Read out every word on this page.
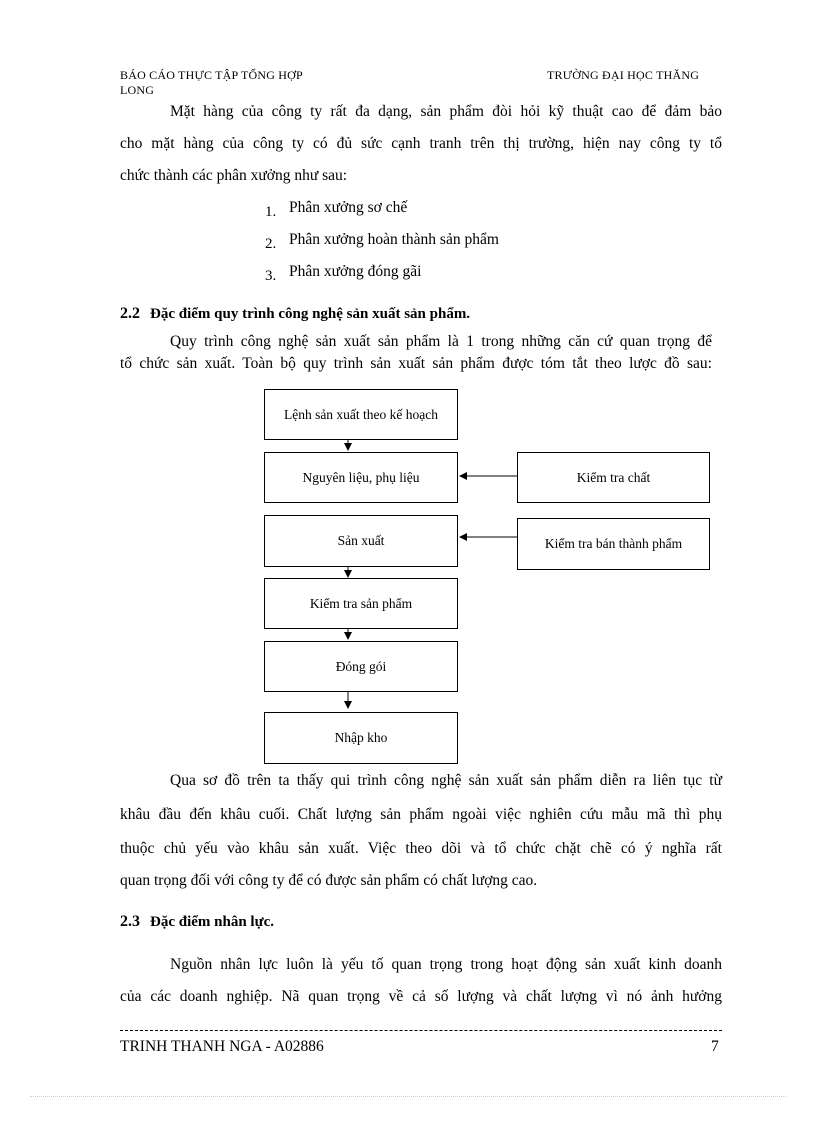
BÁO CÁO THỰC TẬP TỔNG HỢP
LONG
TRƯỜNG ĐẠI HỌC THĂNG
Mặt hàng của công ty rất đa dạng, sản phẩm đòi hỏi kỹ thuật cao để đảm bảo
cho mặt hàng của công ty có đủ sức cạnh tranh trên thị trường, hiện nay công ty tổ
chức thành các phân xưởng như sau:
1. Phân xưởng sơ chế
2. Phân xưởng hoàn thành sản phẩm
3. Phân xưởng đóng gãi
2.2 Đặc điểm quy trình công nghệ sản xuất sản phẩm.
Quy trình công nghệ sản xuất sản phẩm là 1 trong những căn cứ quan trọng để
tổ chức sản xuất. Toàn bộ quy trình sản xuất sản phẩm được tóm tắt theo lược đồ sau:
Lệnh sản xuất theo kế hoạch
Nguyên liệu, phụ liệu
Sản xuất
Kiểm tra sản phẩm
Đóng gói
Nhập kho
Kiểm tra chất
Kiểm tra bán thành phẩm
Qua sơ đồ trên ta thấy qui trình công nghệ sản xuất sản phẩm diễn ra liên tục từ
khâu đầu đến khâu cuối. Chất lượng sản phẩm ngoài việc nghiên cứu mẫu mã thì phụ
thuộc chủ yếu vào khâu sản xuất. Việc theo dõi và tổ chức chặt chẽ có ý nghĩa rất
quan trọng đối với công ty để có được sản phẩm có chất lượng cao.
2.3 Đặc điểm nhân lực.
Nguồn nhân lực luôn là yếu tố quan trọng trong hoạt động sản xuất kinh doanh
của các doanh nghiệp. Nã quan trọng về cả số lượng và chất lượng vì nó ảnh hưởng
TRINH THANH NGA - A02886	7
